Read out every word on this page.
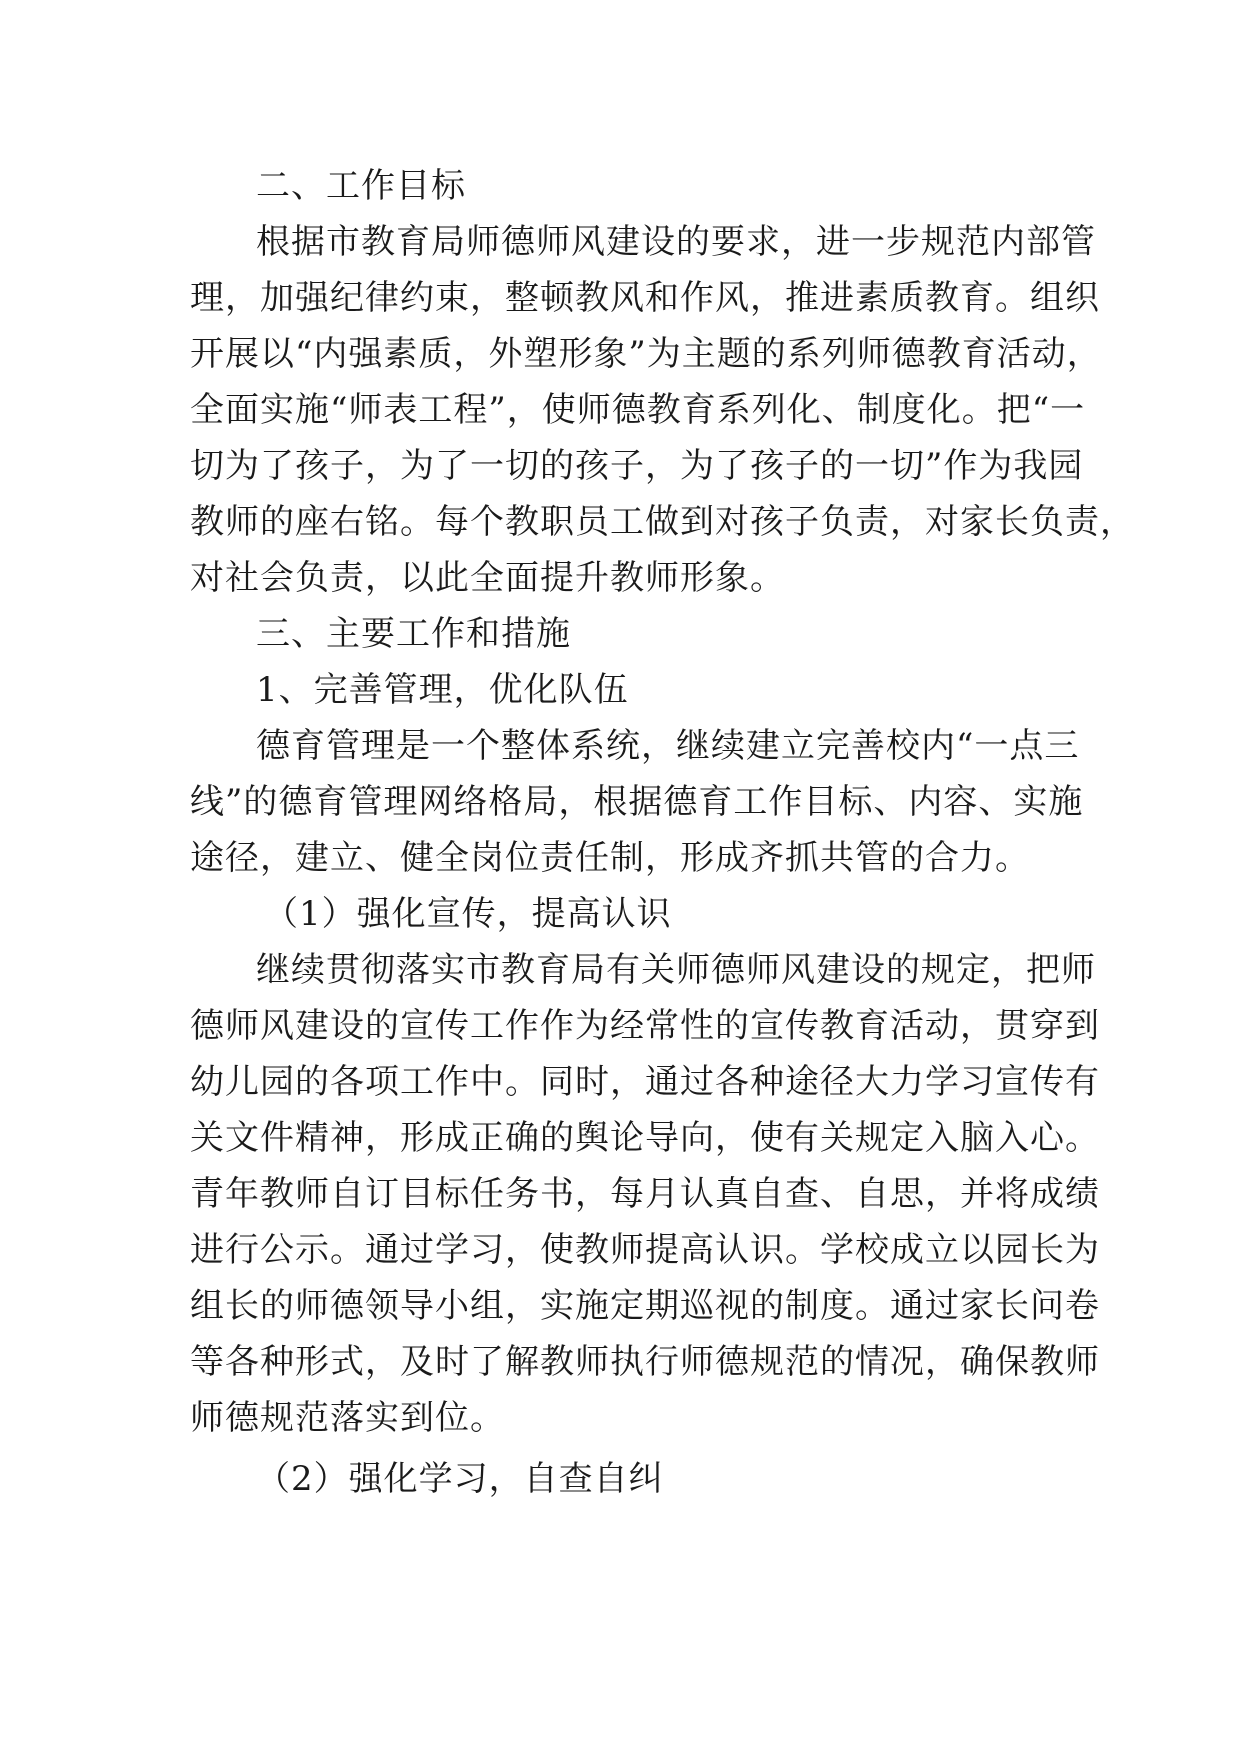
二、工作目标
根据市教育局师德师风建设的要求，进一步规范内部管
理，加强纪律约束，整顿教风和作风，推进素质教育。组织
开展以“内强素质，外塑形象”为主题的系列师德教育活动，
全面实施“师表工程”，使师德教育系列化、制度化。把“一
切为了孩子，为了一切的孩子，为了孩子的一切”作为我园
教师的座右铭。每个教职员工做到对孩子负责，对家长负责，
对社会负责，以此全面提升教师形象。
三、主要工作和措施
1、完善管理，优化队伍
德育管理是一个整体系统，继续建立完善校内“一点三
线”的德育管理网络格局，根据德育工作目标、内容、实施
途径，建立、健全岗位责任制，形成齐抓共管的合力。
（1）强化宣传，提高认识
继续贯彻落实市教育局有关师德师风建设的规定，把师
德师风建设的宣传工作作为经常性的宣传教育活动，贯穿到
幼儿园的各项工作中。同时，通过各种途径大力学习宣传有
关文件精神，形成正确的舆论导向，使有关规定入脑入心。
青年教师自订目标任务书，每月认真自查、自思，并将成绩
进行公示。通过学习，使教师提高认识。学校成立以园长为
组长的师德领导小组，实施定期巡视的制度。通过家长问卷
等各种形式，及时了解教师执行师德规范的情况，确保教师
师德规范落实到位。
（2）强化学习，自查自纠
